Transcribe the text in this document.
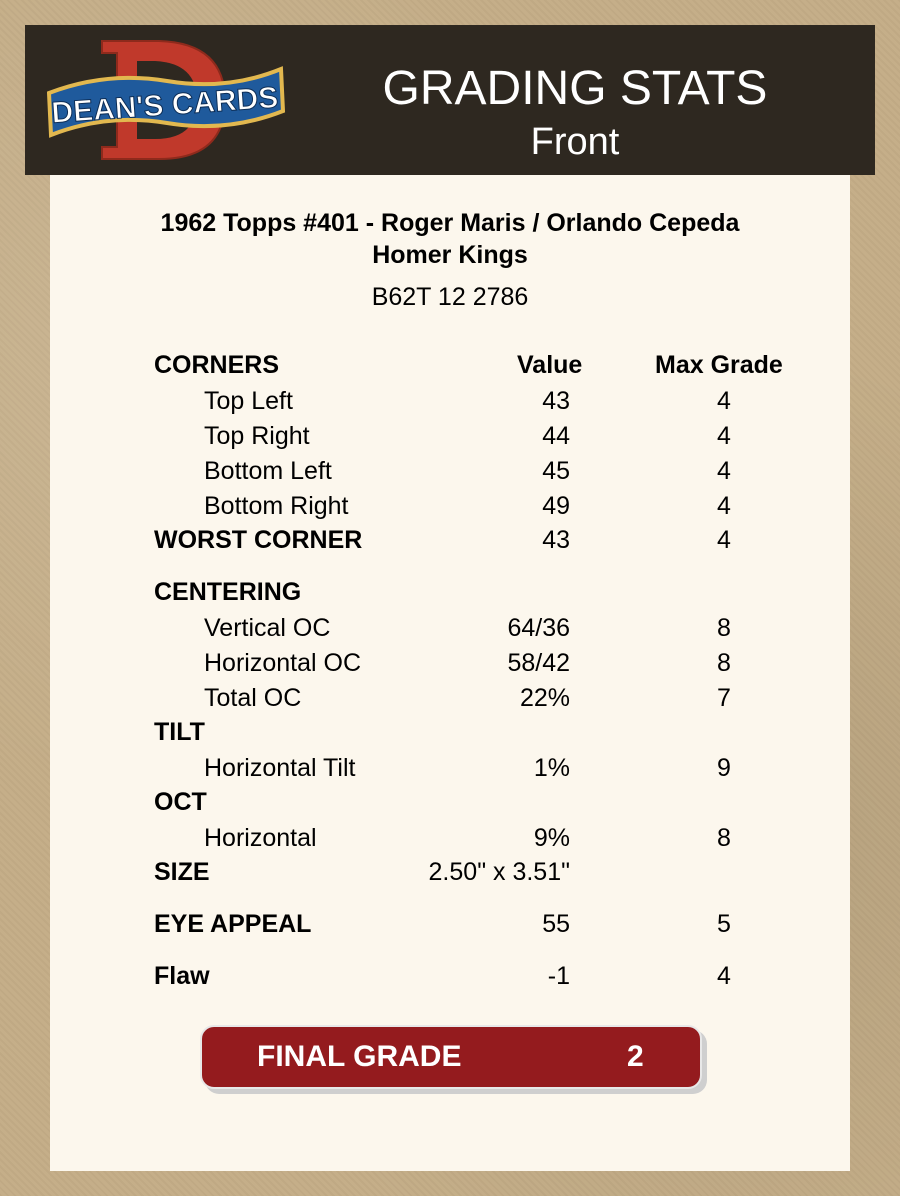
DEAN'S CARDS	GRADING STATS
Front
1962 Topps #401 - Roger Maris / Orlando Cepeda
Homer Kings
B62T 12 2786
CORNERS	Value	Max Grade
Top Left	43	4
Top Right	44	4
Bottom Left	45	4
Bottom Right	49	4
WORST CORNER	43	4
CENTERING
Vertical OC	64/36	8
Horizontal OC	58/42	8
Total OC	22%	7
TILT
Horizontal Tilt	1%	9
OCT
Horizontal	9%	8
SIZE	2.50" x 3.51"
EYE APPEAL	55	5
Flaw	-1	4
FINAL GRADE	2
